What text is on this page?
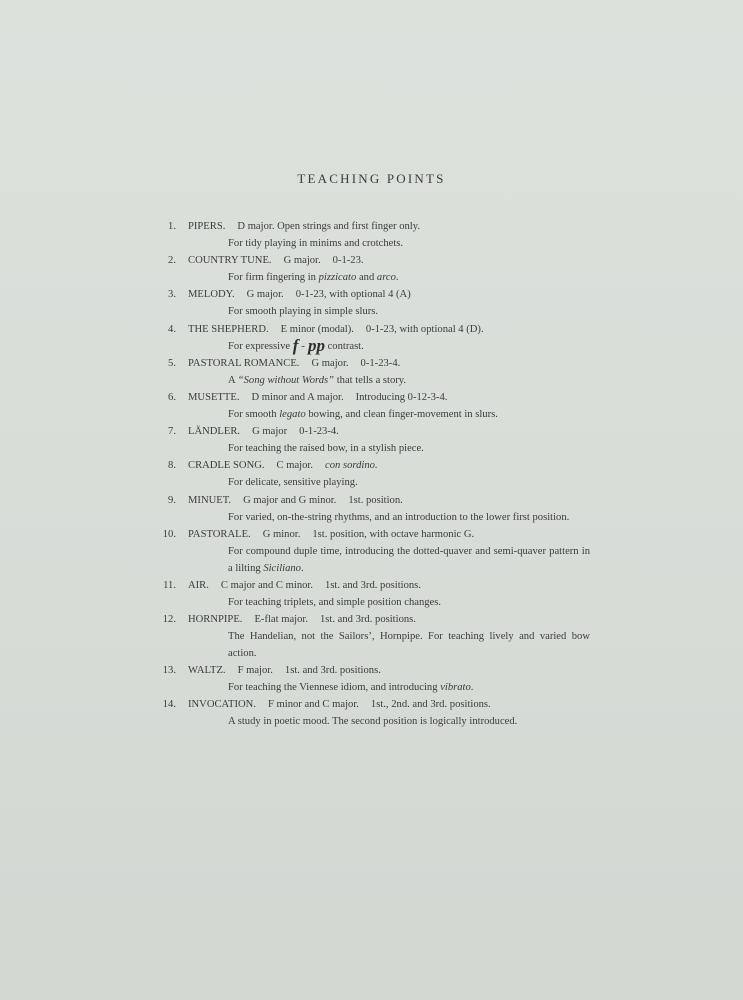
TEACHING POINTS
1. PIPERS. D major. Open strings and first finger only.
For tidy playing in minims and crotchets.
2. COUNTRY TUNE. G major. 0-1-23.
For firm fingering in pizzicato and arco.
3. MELODY. G major. 0-1-23, with optional 4 (A)
For smooth playing in simple slurs.
4. THE SHEPHERD. E minor (modal). 0-1-23, with optional 4 (D).
For expressive f - pp contrast.
5. PASTORAL ROMANCE. G major. 0-1-23-4.
A “Song without Words” that tells a story.
6. MUSETTE. D minor and A major. Introducing 0-12-3-4.
For smooth legato bowing, and clean finger-movement in slurs.
7. LÄNDLER. G major 0-1-23-4.
For teaching the raised bow, in a stylish piece.
8. CRADLE SONG. C major. con sordino.
For delicate, sensitive playing.
9. MINUET. G major and G minor. 1st. position.
For varied, on-the-string rhythms, and an introduction to the lower first position.
10. PASTORALE. G minor. 1st. position, with octave harmonic G.
For compound duple time, introducing the dotted-quaver and semi-quaver pattern in a lilting Siciliano.
11. AIR. C major and C minor. 1st. and 3rd. positions.
For teaching triplets, and simple position changes.
12. HORNPIPE. E-flat major. 1st. and 3rd. positions.
The Handelian, not the Sailors’, Hornpipe. For teaching lively and varied bow action.
13. WALTZ. F major. 1st. and 3rd. positions.
For teaching the Viennese idiom, and introducing vibrato.
14. INVOCATION. F minor and C major. 1st., 2nd. and 3rd. positions.
A study in poetic mood. The second position is logically introduced.
